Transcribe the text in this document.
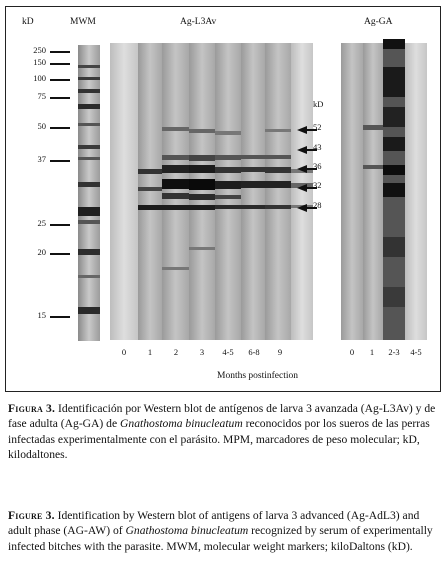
kD	MWM	Ag-L3Av	Ag-GA
kD
250
150
100
75
50
37
25
20
15
52
43
36
32
28
0	1	2	3	4-5	6-8	9	0	1	2-3	4-5
Months postinfection
Figura 3. Identificación por Western blot de antígenos de larva 3 avanzada (Ag-L3Av) y de fase adulta (Ag-GA) de Gnathostoma binucleatum reconocidos por los sueros de las perras infectadas experimentalmente con el parásito. MPM, marcadores de peso molecular; kD, kilodaltones.
Figure 3. Identification by Western blot of antigens of larva 3 advanced (Ag-AdL3) and adult phase (AG-AW) of Gnathostoma binucleatum recognized by serum of experimentally infected bitches with the parasite. MWM, molecular weight markers; kiloDaltons (kD).
